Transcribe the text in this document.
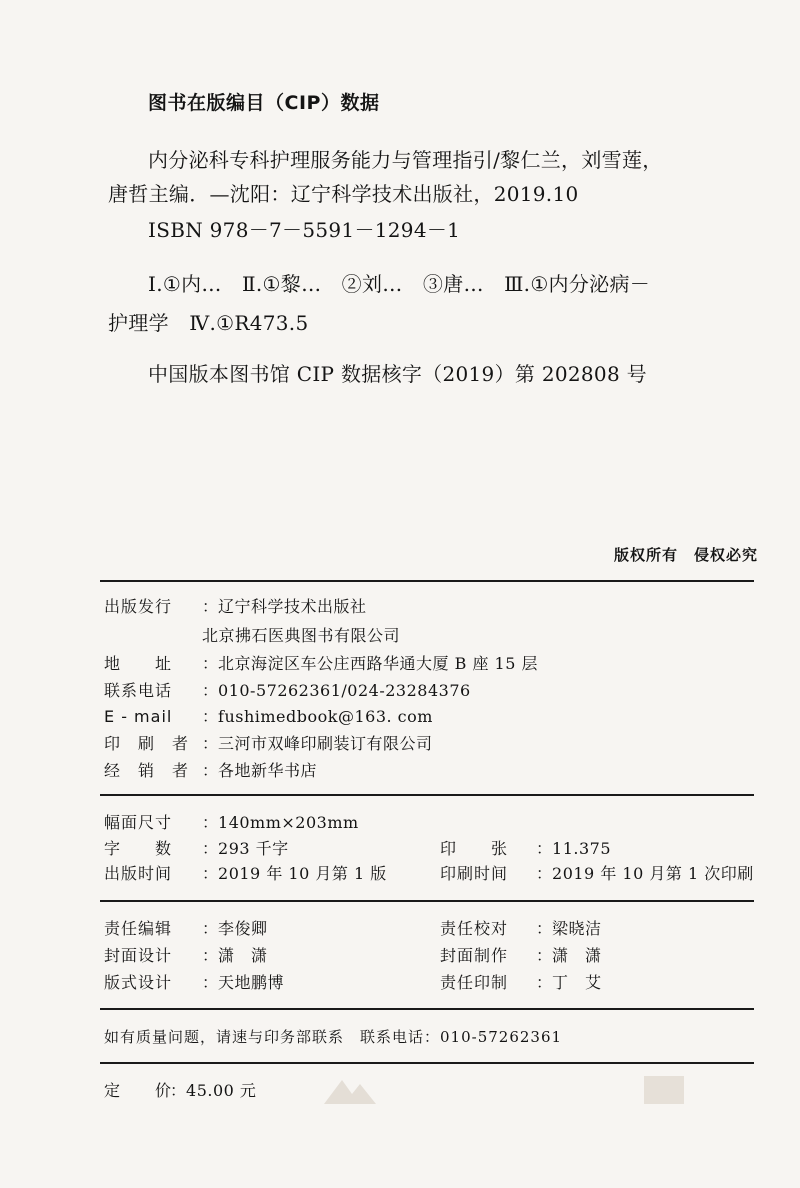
图书在版编目（CIP）数据
内分泌科专科护理服务能力与管理指引/黎仁兰，刘雪莲，
唐哲主编．—沈阳：辽宁科学技术出版社，2019.10
ISBN 978－7－5591－1294－1
Ⅰ.①内…　Ⅱ.①黎…　②刘…　③唐…　Ⅲ.①内分泌病－
护理学　Ⅳ.①R473.5
中国版本图书馆 CIP 数据核字（2019）第 202808 号
版权所有　侵权必究
出版发行 ：辽宁科学技术出版社
北京拂石医典图书有限公司
地　　址 ：北京海淀区车公庄西路华通大厦 B 座 15 层
联系电话 ：010-57262361/024-23284376
E - mail ：fushimedbook@163. com
印　刷　者 ：三河市双峰印刷装订有限公司
经　销　者 ：各地新华书店
幅面尺寸 ：140mm×203mm
字　　数 ：293 千字	印　　张 ：11.375
出版时间 ：2019 年 10 月第 1 版	印刷时间 ：2019 年 10 月第 1 次印刷
责任编辑 ：李俊卿	责任校对 ：梁晓洁
封面设计 ：潇　潇	封面制作 ：潇　潇
版式设计 ：天地鹏博	责任印制 ：丁　艾
如有质量问题，请速与印务部联系　联系电话：010-57262361
定　　价：45.00 元
